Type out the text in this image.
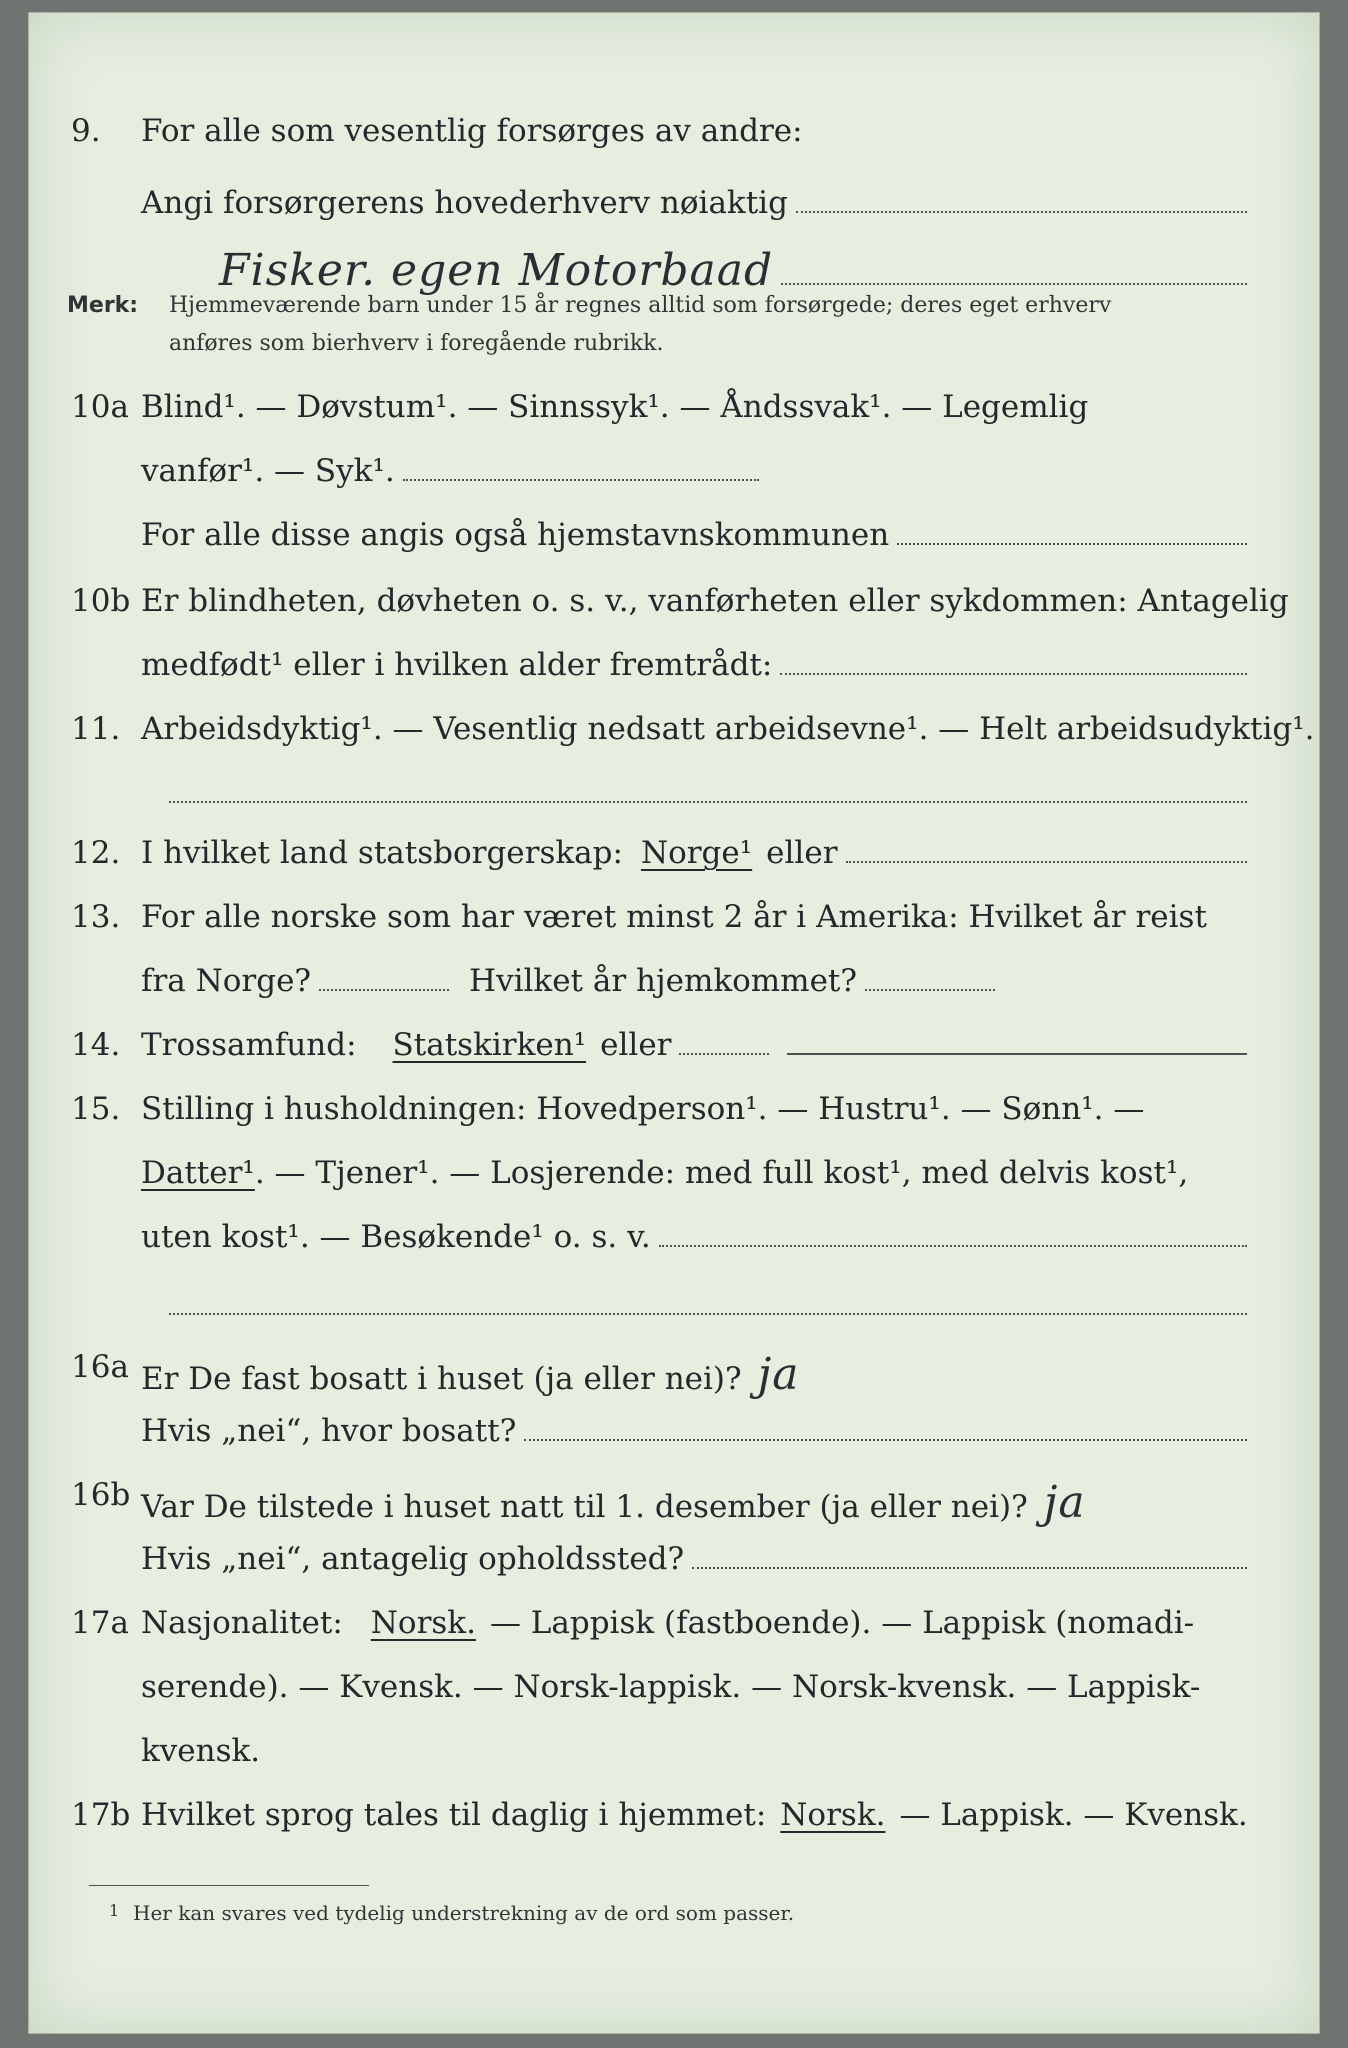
9. For alle som vesentlig forsørges av andre:
Angi forsørgerens hovederhverv nøiaktig
Fisker. egen Motorbaad
Merk: Hjemmeværende barn under 15 år regnes alltid som forsørgede; deres eget erhverv
anføres som bierhverv i foregående rubrikk.
10a Blind¹. — Døvstum¹. — Sinnssyk¹. — Åndssvak¹. — Legemlig
vanfør¹. — Syk¹.
For alle disse angis også hjemstavnskommunen
10b Er blindheten, døvheten o. s. v., vanførheten eller sykdommen: Antagelig
medfødt¹ eller i hvilken alder fremtrådt:
11. Arbeidsdyktig¹. — Vesentlig nedsatt arbeidsevne¹. — Helt arbeidsudyktig¹.
12. I hvilket land statsborgerskap: Norge¹ eller
13. For alle norske som har været minst 2 år i Amerika: Hvilket år reist
fra Norge?	Hvilket år hjemkommet?
14. Trossamfund: Statskirken¹ eller
15. Stilling i husholdningen: Hovedperson¹. — Hustru¹. — Sønn¹. —
Datter¹ . — Tjener¹. — Losjerende: med full kost¹, med delvis kost¹,
uten kost¹. — Besøkende¹ o. s. v.
16a Er De fast bosatt i huset (ja eller nei)? ja
Hvis „nei“, hvor bosatt?
16b Var De tilstede i huset natt til 1. desember (ja eller nei)? ja
Hvis „nei“, antagelig opholdssted?
17a Nasjonalitet: Norsk. — Lappisk (fastboende). — Lappisk (nomadi-
serende). — Kvensk. — Norsk-lappisk. — Norsk-kvensk. — Lappisk-
kvensk.
17b Hvilket sprog tales til daglig i hjemmet: Norsk. — Lappisk. — Kvensk.
1 Her kan svares ved tydelig understrekning av de ord som passer.
